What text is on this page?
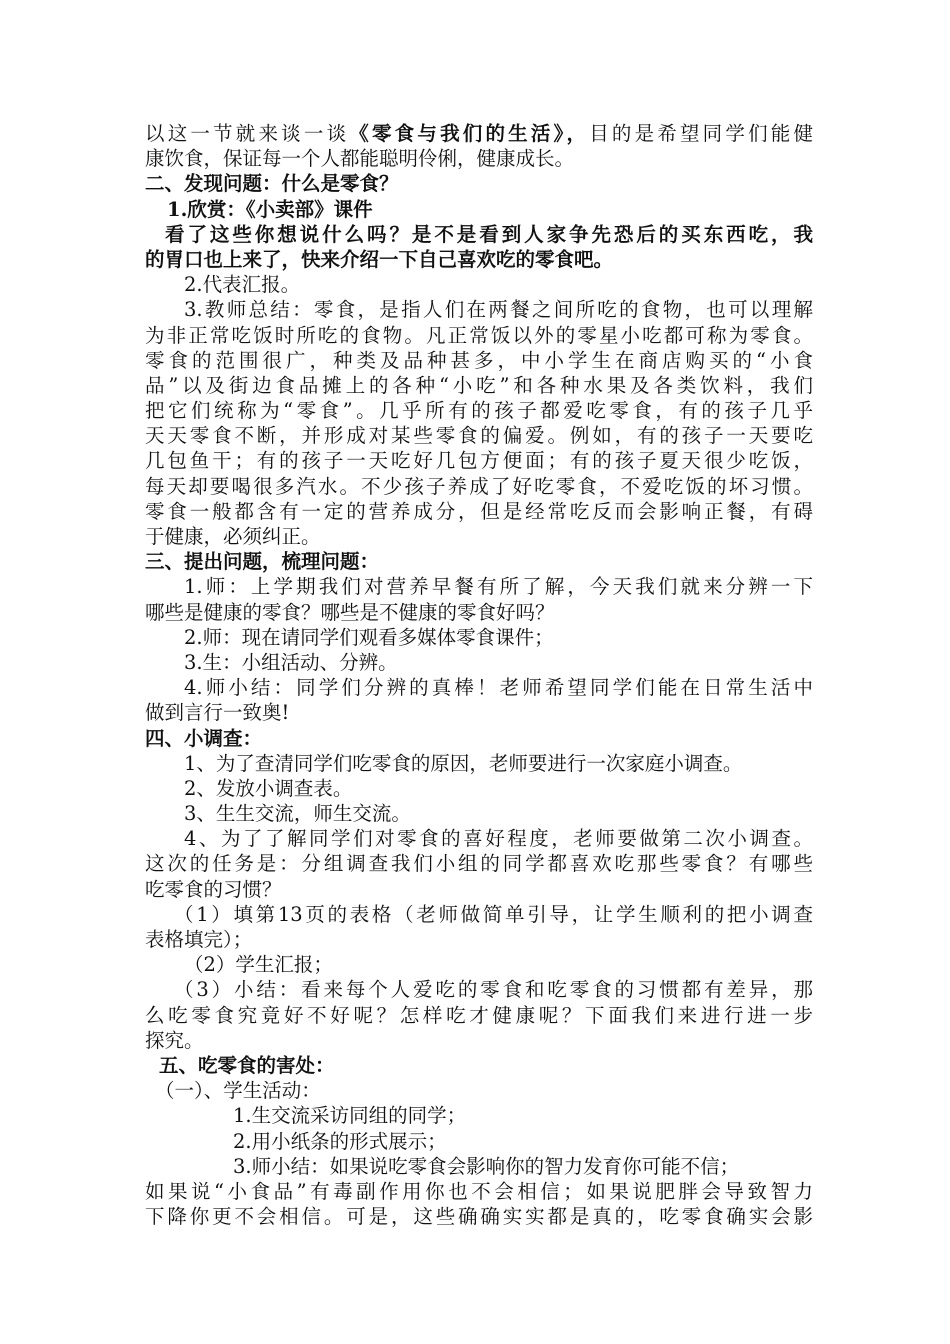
以这一节就来谈一谈《零食与我们的生活》，目的是希望同学们能健
康饮食，保证每一个人都能聪明伶俐，健康成长。
二、发现问题：什么是零食？
1.欣赏：《小卖部》课件
看了这些你想说什么吗？是不是看到人家争先恐后的买东西吃，我
的胃口也上来了，快来介绍一下自己喜欢吃的零食吧。
2.代表汇报。
3.教师总结：零食，是指人们在两餐之间所吃的食物，也可以理解
为非正常吃饭时所吃的食物。凡正常饭以外的零星小吃都可称为零食。
零食的范围很广，种类及品种甚多，中小学生在商店购买的“小食
品”以及街边食品摊上的各种“小吃”和各种水果及各类饮料，我们
把它们统称为“零食”。几乎所有的孩子都爱吃零食，有的孩子几乎
天天零食不断，并形成对某些零食的偏爱。例如，有的孩子一天要吃
几包鱼干；有的孩子一天吃好几包方便面；有的孩子夏天很少吃饭，
每天却要喝很多汽水。不少孩子养成了好吃零食，不爱吃饭的坏习惯。
零食一般都含有一定的营养成分，但是经常吃反而会影响正餐，有碍
于健康，必须纠正。
三、提出问题，梳理问题：
1.师：上学期我们对营养早餐有所了解，今天我们就来分辨一下
哪些是健康的零食？哪些是不健康的零食好吗？
2.师：现在请同学们观看多媒体零食课件；
3.生：小组活动、分辨。
4.师小结：同学们分辨的真棒！老师希望同学们能在日常生活中
做到言行一致奥!
四、小调查：
1、为了查清同学们吃零食的原因，老师要进行一次家庭小调查。
2、发放小调查表。
3、生生交流，师生交流。
4、为了了解同学们对零食的喜好程度，老师要做第二次小调查。
这次的任务是：分组调查我们小组的同学都喜欢吃那些零食？有哪些
吃零食的习惯？
（1）填第13页的表格（老师做简单引导，让学生顺利的把小调查
表格填完）；
（2）学生汇报；
（3）小结：看来每个人爱吃的零食和吃零食的习惯都有差异，那
么吃零食究竟好不好呢？怎样吃才健康呢？下面我们来进行进一步
探究。
五、吃零食的害处：
（一）、学生活动：
1.生交流采访同组的同学；
2.用小纸条的形式展示；
3.师小结：如果说吃零食会影响你的智力发育你可能不信；
如果说“小食品”有毒副作用你也不会相信；如果说肥胖会导致智力
下降你更不会相信。可是，这些确确实实都是真的，吃零食确实会影
